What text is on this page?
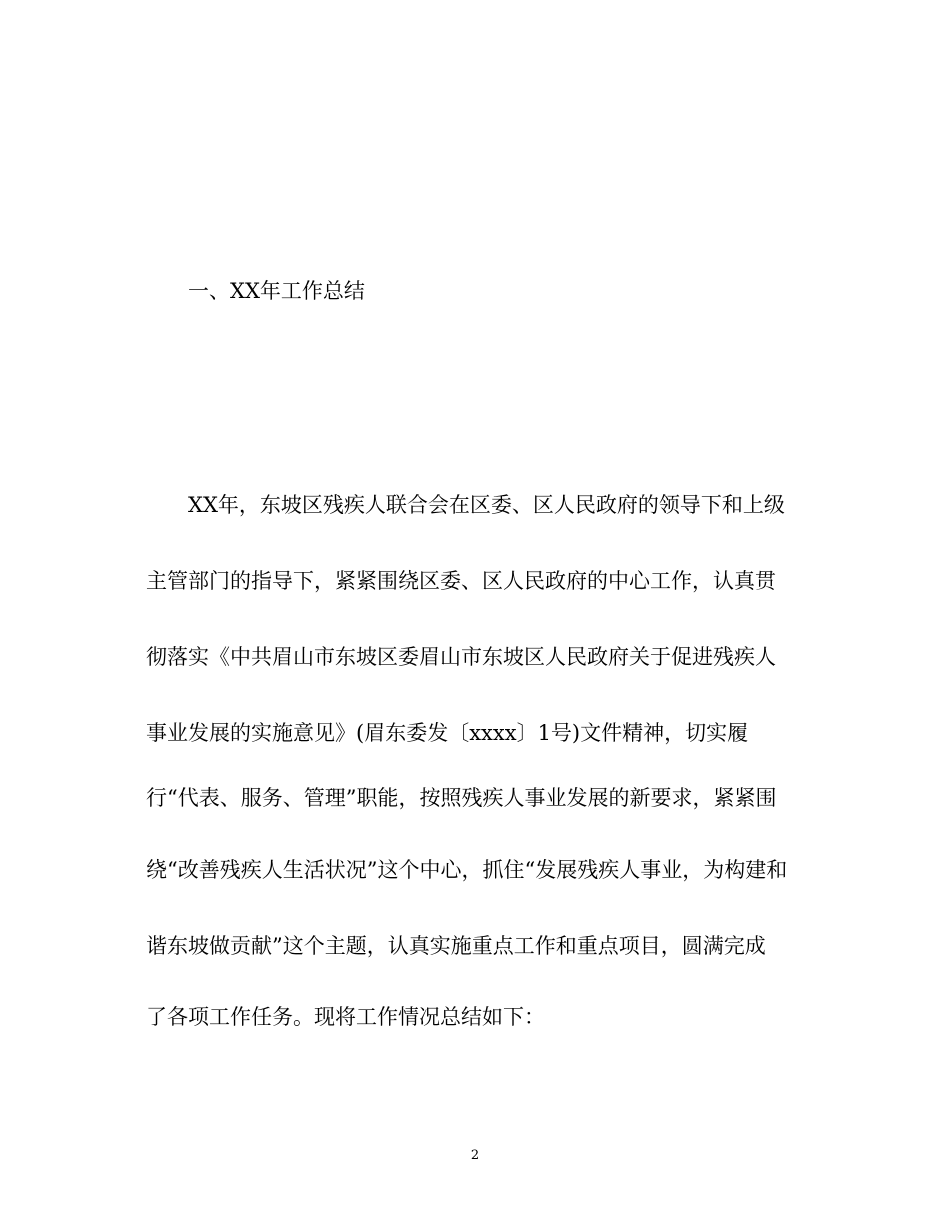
一、XX年工作总结
XX年，东坡区残疾人联合会在区委、区人民政府的领导下和上级
主管部门的指导下，紧紧围绕区委、区人民政府的中心工作，认真贯
彻落实《中共眉山市东坡区委眉山市东坡区人民政府关于促进残疾人
事业发展的实施意见》(眉东委发〔xxxx〕1号)文件精神，切实履
行“代表、服务、管理”职能，按照残疾人事业发展的新要求，紧紧围
绕“改善残疾人生活状况”这个中心，抓住“发展残疾人事业，为构建和
谐东坡做贡献”这个主题，认真实施重点工作和重点项目，圆满完成
了各项工作任务。现将工作情况总结如下：
2
